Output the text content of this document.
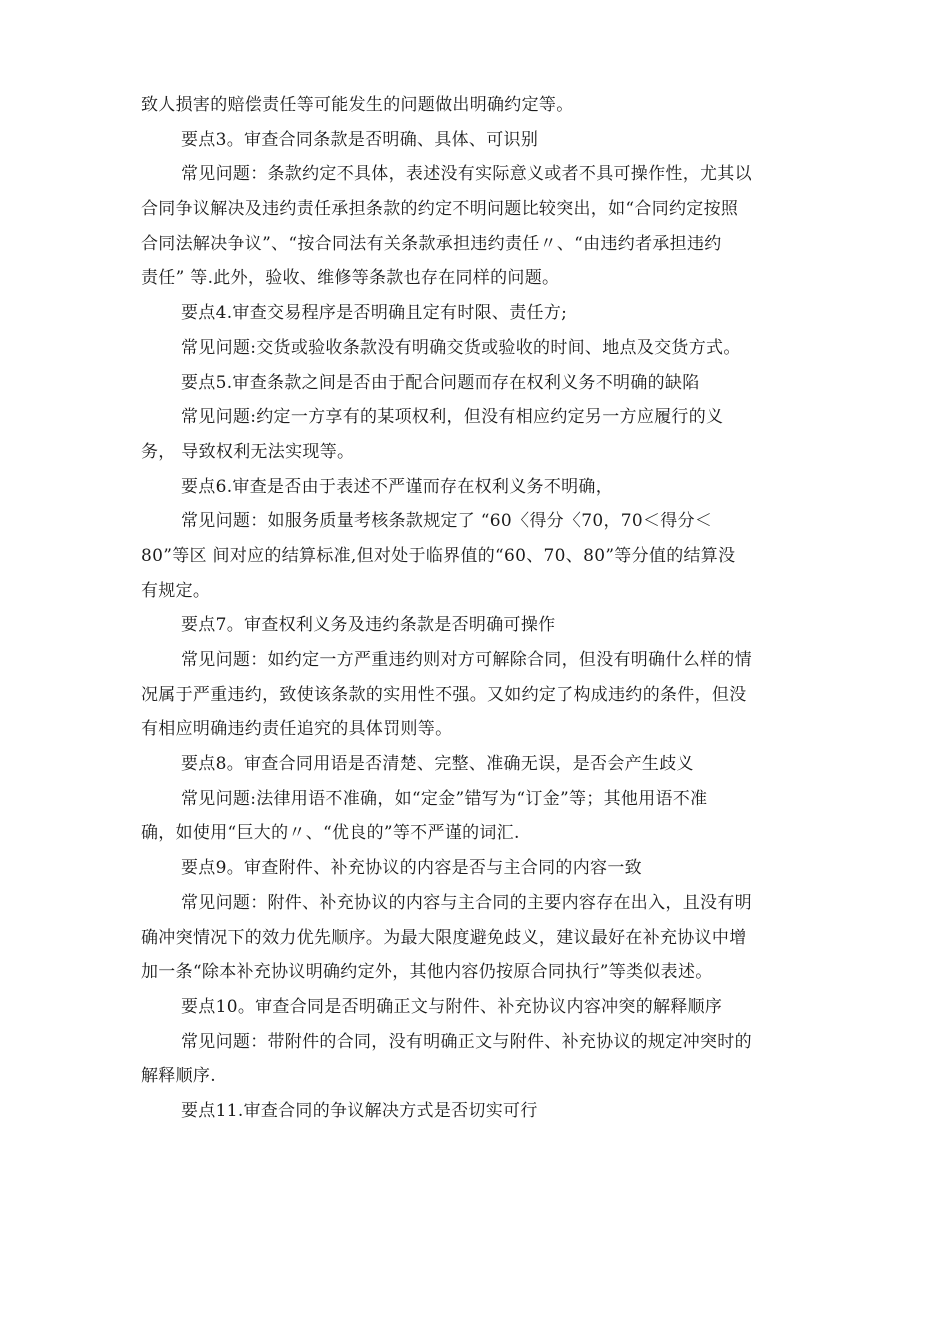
致人损害的赔偿责任等可能发生的问题做出明确约定等。
要点3。审查合同条款是否明确、具体、可识别
常见问题：条款约定不具体，表述没有实际意义或者不具可操作性，尤其以
合同争议解决及违约责任承担条款的约定不明问题比较突出，如“合同约定按照
合同法解决争议”、“按合同法有关条款承担违约责任〃、“由违约者承担违约
责任” 等.此外，验收、维修等条款也存在同样的问题。
要点4.审查交易程序是否明确且定有时限、责任方;
常见问题:交货或验收条款没有明确交货或验收的时间、地点及交货方式。
要点5.审查条款之间是否由于配合问题而存在权利义务不明确的缺陷
常见问题:约定一方享有的某项权利，但没有相应约定另一方应履行的义
务， 导致权利无法实现等。
要点6.审查是否由于表述不严谨而存在权利义务不明确，
常见问题：如服务质量考核条款规定了 “60〈得分〈70，70＜得分＜
80”等区 间对应的结算标准,但对处于临界值的“60、70、80”等分值的结算没
有规定。
要点7。审查权利义务及违约条款是否明确可操作
常见问题：如约定一方严重违约则对方可解除合同，但没有明确什么样的情
况属于严重违约，致使该条款的实用性不强。又如约定了构成违约的条件，但没
有相应明确违约责任追究的具体罚则等。
要点8。审查合同用语是否清楚、完整、准确无误，是否会产生歧义
常见问题:法律用语不准确，如“定金”错写为“订金”等；其他用语不准
确，如使用“巨大的〃、“优良的”等不严谨的词汇.
要点9。审查附件、补充协议的内容是否与主合同的内容一致
常见问题：附件、补充协议的内容与主合同的主要内容存在出入，且没有明
确冲突情况下的效力优先顺序。为最大限度避免歧义，建议最好在补充协议中增
加一条“除本补充协议明确约定外，其他内容仍按原合同执行”等类似表述。
要点10。审查合同是否明确正文与附件、补充协议内容冲突的解释顺序
常见问题：带附件的合同，没有明确正文与附件、补充协议的规定冲突时的
解释顺序.
要点11.审查合同的争议解决方式是否切实可行
